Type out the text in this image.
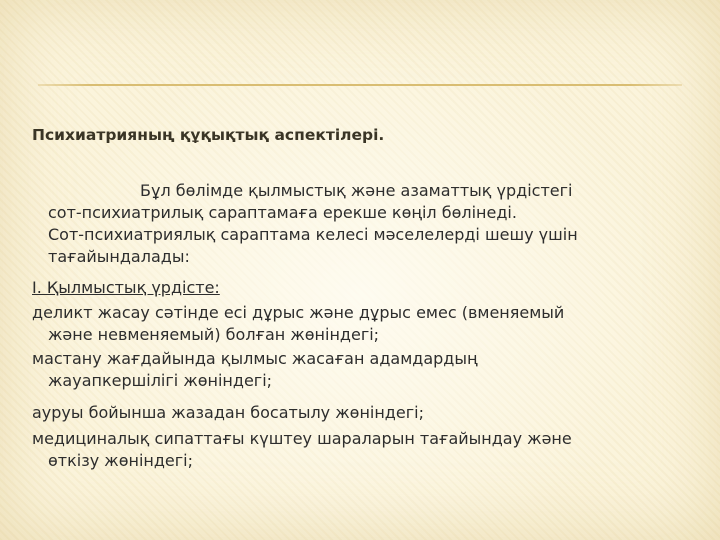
Психиатрияның құқықтық аспектілері.
Бұл бөлімде қылмыстық және азаматтық үрдістегі
сот-психиатрилық сараптамаға ерекше көңіл бөлінеді.
Сот-психиатриялық сараптама келесі мәселелерді шешу үшін
тағайындалады:
I. Қылмыстық үрдісте:
деликт жасау сәтінде есі дұрыс және дұрыс емес (вменяемый
және невменяемый) болған жөніндегі;
мастану жағдайында қылмыс жасаған адамдардың
жауапкершілігі жөніндегі;
ауруы бойынша жазадан босатылу жөніндегі;
медициналық сипаттағы күштеу шараларын тағайындау және
өткізу жөніндегі;
